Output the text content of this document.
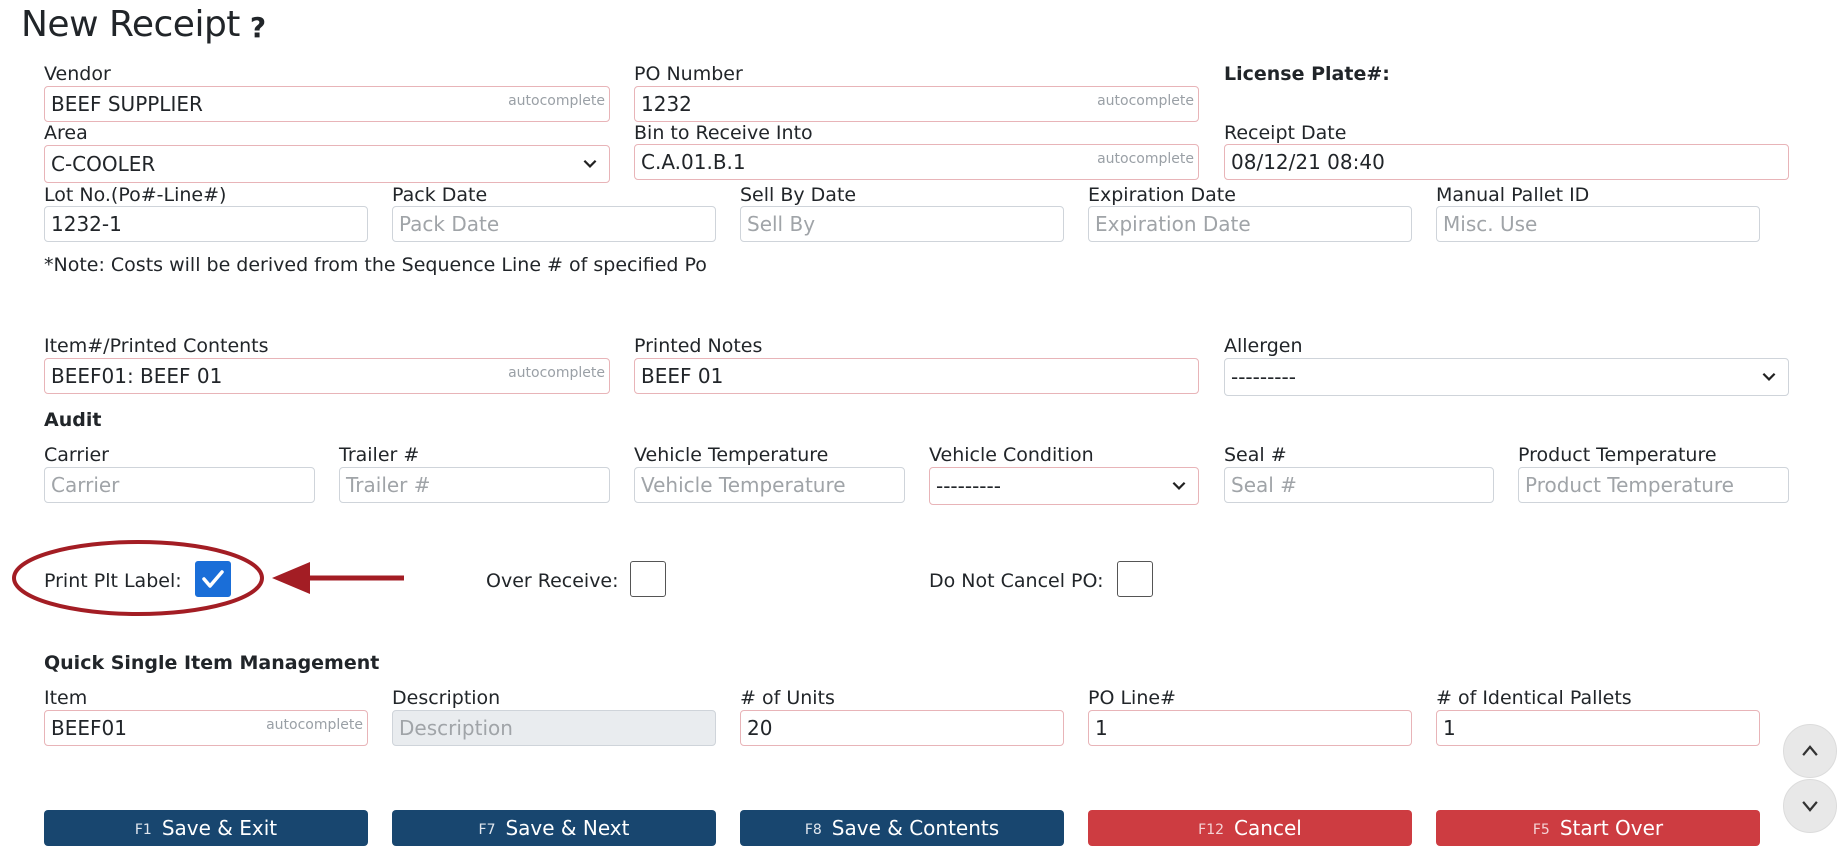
New Receipt ?
Vendor
BEEF SUPPLIER	autocomplete
PO Number
1232	autocomplete
License Plate#:
Area
C-COOLER
Bin to Receive Into
C.A.01.B.1	autocomplete
Receipt Date
08/12/21 08:40
Lot No.(Po#-Line#)
1232-1
Pack Date
Pack Date
Sell By Date
Sell By
Expiration Date
Expiration Date
Manual Pallet ID
Misc. Use
*Note: Costs will be derived from the Sequence Line # of specified Po
Item#/Printed Contents
BEEF01: BEEF 01	autocomplete
Printed Notes
BEEF 01
Allergen
---------
Audit
Carrier
Carrier
Trailer #
Trailer #
Vehicle Temperature
Vehicle Temperature
Vehicle Condition
---------
Seal #
Seal #
Product Temperature
Product Temperature
Print Plt Label:	Over Receive:	Do Not Cancel PO:
Quick Single Item Management
Item
BEEF01	autocomplete
Description
Description
# of Units
20
PO Line#
1
# of Identical Pallets
1
F1 Save & Exit	F7 Save & Next	F8 Save & Contents	F12 Cancel	F5 Start Over
